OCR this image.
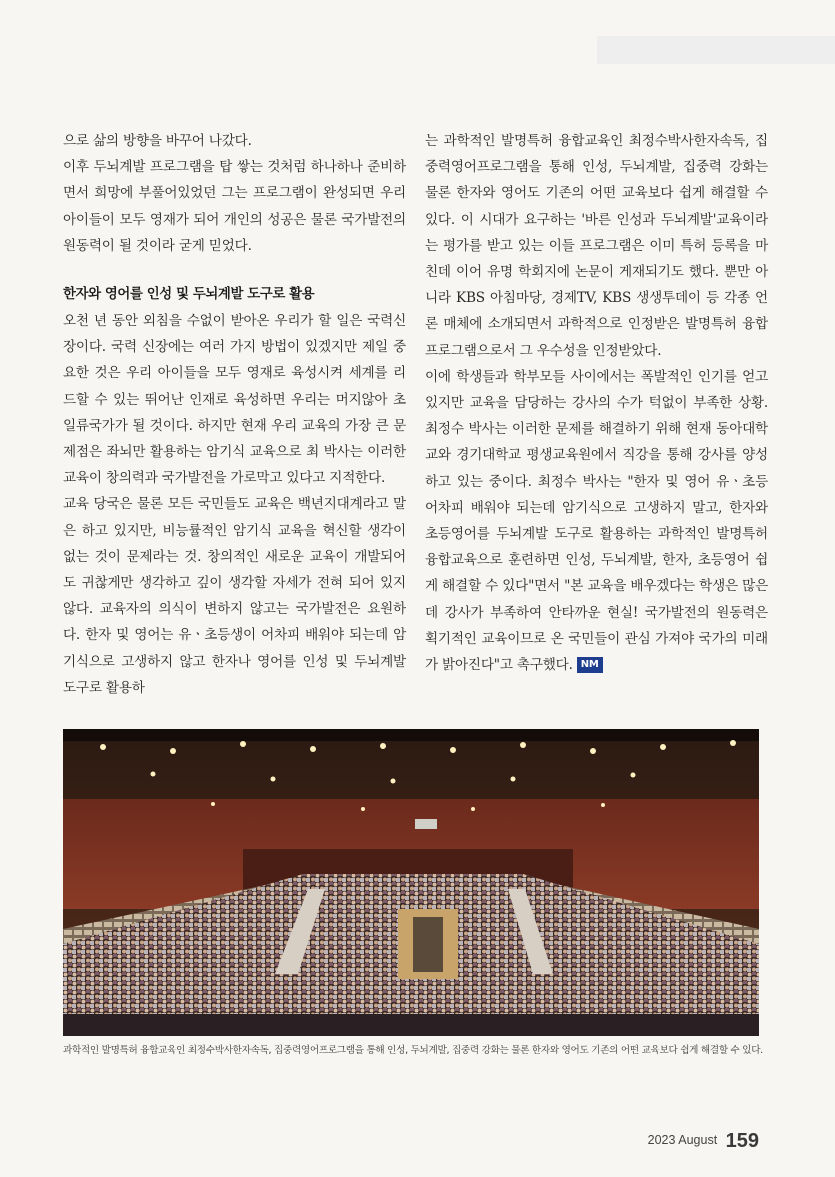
으로 삶의 방향을 바꾸어 나갔다.

이후 두뇌계발 프로그램을 탑 쌓는 것처럼 하나하나 준비하면서 희망에 부풀어있었던 그는 프로그램이 완성되면 우리 아이들이 모두 영재가 되어 개인의 성공은 물론 국가발전의 원동력이 될 것이라 굳게 믿었다.

한자와 영어를 인성 및 두뇌계발 도구로 활용

오천 년 동안 외침을 수없이 받아온 우리가 할 일은 국력신장이다. 국력 신장에는 여러 가지 방법이 있겠지만 제일 중요한 것은 우리 아이들을 모두 영재로 육성시켜 세계를 리드할 수 있는 뛰어난 인재로 육성하면 우리는 머지않아 초일류국가가 될 것이다. 하지만 현재 우리 교육의 가장 큰 문제점은 좌뇌만 활용하는 암기식 교육으로 최 박사는 이러한 교육이 창의력과 국가발전을 가로막고 있다고 지적한다.

교육 당국은 물론 모든 국민들도 교육은 백년지대계라고 말은 하고 있지만, 비능률적인 암기식 교육을 혁신할 생각이 없는 것이 문제라는 것. 창의적인 새로운 교육이 개발되어도 귀찮게만 생각하고 깊이 생각할 자세가 전혀 되어 있지 않다. 교육자의 의식이 변하지 않고는 국가발전은 요원하다. 한자 및 영어는 유ㆍ초등생이 어차피 배워야 되는데 암기식으로 고생하지 않고 한자나 영어를 인성 및 두뇌계발 도구로 활용하

는 과학적인 발명특허 융합교육인 최정수박사한자속독, 집중력영어프로그램을 통해 인성, 두뇌계발, 집중력 강화는 물론 한자와 영어도 기존의 어떤 교육보다 쉽게 해결할 수 있다. 이 시대가 요구하는 '바른 인성과 두뇌계발'교육이라는 평가를 받고 있는 이들 프로그램은 이미 특허 등록을 마친데 이어 유명 학회지에 논문이 게재되기도 했다. 뿐만 아니라 KBS 아침마당, 경제TV, KBS 생생투데이 등 각종 언론 매체에 소개되면서 과학적으로 인정받은 발명특허 융합 프로그램으로서 그 우수성을 인정받았다.

이에 학생들과 학부모들 사이에서는 폭발적인 인기를 얻고 있지만 교육을 담당하는 강사의 수가 턱없이 부족한 상황. 최정수 박사는 이러한 문제를 해결하기 위해 현재 동아대학교와 경기대학교 평생교육원에서 직강을 통해 강사를 양성하고 있는 중이다. 최정수 박사는 "한자 및 영어 유ㆍ초등 어차피 배워야 되는데 암기식으로 고생하지 말고, 한자와 초등영어를 두뇌계발 도구로 활용하는 과학적인 발명특허 융합교육으로 훈련하면 인성, 두뇌계발, 한자, 초등영어 쉽게 해결할 수 있다"면서 "본 교육을 배우겠다는 학생은 많은데 강사가 부족하여 안타까운 현실! 국가발전의 원동력은 획기적인 교육이므로 온 국민들이 관심 가져야 국가의 미래가 밝아진다"고 촉구했다. NM

과학적인 발명특허 융합교육인 최정수박사한자속독, 집중력영어프로그램을 통해 인성, 두뇌계발, 집중력 강화는 물론 한자와 영어도 기존의 어떤 교육보다 쉽게 해결할 수 있다.
2023 August 159
